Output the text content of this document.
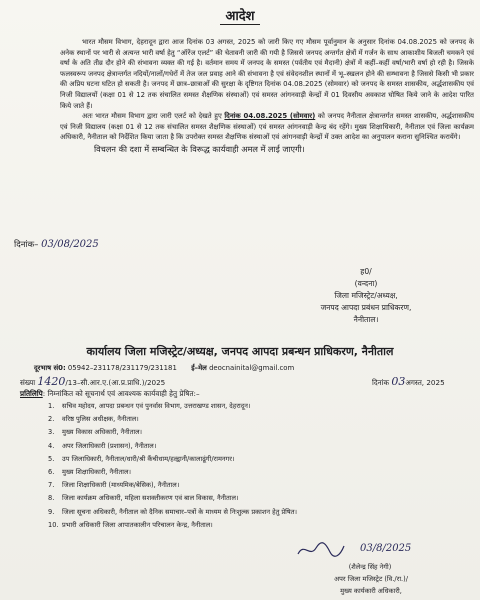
आदेश

भारत मौसम विभाग, देहरादून द्वारा आज दिनांक 03 अगस्त, 2025 को जारी किए गए मौसम पूर्वानुमान के अनुसार दिनांक 04.08.2025 को जनपद के अनेक स्थानों पर भारी से अत्यन्त भारी वर्षा हेतु “ऑरेंज एलर्ट” की चेतावनी जारी की गयी है जिससे जनपद अन्तर्गत क्षेत्रों में गर्जन के साथ आकाशीय बिजली चमकने एवं वर्षा के अति तीव्र दौर होने की संभावना व्यक्त की गई है। वर्तमान समय में जनपद के समस्त (पर्वतीय एवं मैदानी) क्षेत्रों में कहीं–कहीं वर्षा/भारी वर्षा हो रही है। जिसके फलस्वरूप जनपद क्षेत्रान्तर्गत नदियों/नालों/गधेरों में तेज जल प्रवाह आने की संभावना है एवं संवेदनशील स्थानों में भू–स्खलन होने की सम्भावना है जिससे किसी भी प्रकार की अप्रिय घटना घटित हो सकती है। जनपद में छात्र–छात्राओं की सुरक्षा के दृष्टिगत दिनांक 04.08.2025 (सोमवार) को जनपद के समस्त शासकीय, अर्द्धशासकीय एवं निजी विद्यालयों (कक्षा 01 से 12 तक संचालित समस्त शैक्षणिक संस्थाओं) एवं समस्त आंगनवाड़ी केन्द्रों में 01 दिवसीय अवकाश घोषित किये जाने के आदेश पारित किये जाते हैं।

अतः भारत मौसम विभाग द्वारा जारी एलर्ट को देखते हुए दिनांक 04.08.2025 (सोमवार) को जनपद नैनीताल क्षेत्रान्तर्गत समस्त शासकीय, अर्द्धशासकीय एवं निजी विद्यालय (कक्षा 01 से 12 तक संचालित समस्त शैक्षणिक संस्थाओं) एवं समस्त आंगनवाड़ी केन्द्र बंद रहेंगे। मुख्य शिक्षाधिकारी, नैनीताल एवं जिला कार्यक्रम अधिकारी, नैनीताल को निर्देशित किया जाता है कि उपरोक्त समस्त शैक्षणिक संस्थाओं एवं आंगनवाड़ी केन्द्रों में उक्त आदेश का अनुपालन कराना सुनिश्चित करायेंगे।

विचलन की दशा में सम्बन्धित के विरूद्ध कार्यवाही अमल में लाई जाएगी।

दिनांक– 03/08/2025
ह0/
(वन्दना)
जिला मजिस्ट्रेट/अध्यक्ष,
जनपद आपदा प्रबंधन प्राधिकरण,
नैनीताल।
कार्यालय जिला मजिस्ट्रेट/अध्यक्ष, जनपद आपदा प्रबन्धन प्राधिकरण, नैनीताल
दूरभाष सं0: 05942–231178/231179/231181 ई–मेल deocnainital@gmail.com
संख्या 1420/13–सी.आर.ए.(आ.प्र.प्राधि.)/2025	दिनांक 03अगस्त, 2025
प्रतिलिपि: निम्नांकित को सूचनार्थ एवं आवश्यक कार्यवाही हेतु प्रेषित:–
1. सचिव महोदय, आपदा प्रबन्धन एवं पुनर्वास विभाग, उत्तराखण्ड शासन, देहरादून।
2. वरिष्ठ पुलिस अधीक्षक, नैनीताल।
3. मुख्य विकास अधिकारी, नैनीताल।
4. अपर जिलाधिकारी (प्रशासन), नैनीताल।
5. उप जिलाधिकारी, नैनीताल/धारी/श्री कैंचीधाम/हल्द्वानी/कालाढूंगी/रामनगर।
6. मुख्य शिक्षाधिकारी, नैनीताल।
7. जिला शिक्षाधिकारी (माध्यमिक/बेसिक), नैनीताल।
8. जिला कार्यक्रम अधिकारी, महिला सशक्तीकरण एवं बाल विकास, नैनीताल।
9. जिला सूचना अधिकारी, नैनीताल को दैनिक समाचार–पत्रों के माध्यम से निःशुल्क प्रकाशन हेतु प्रेषित।
10. प्रभारी अधिकारी जिला आपातकालीन परिचालन केन्द्र, नैनीताल।
03/8/2025
(शैलेन्द्र सिंह नेगी)
अपर जिला मजिस्ट्रेट (वि./रा.)/
मुख्य कार्यकारी अधिकारी,
